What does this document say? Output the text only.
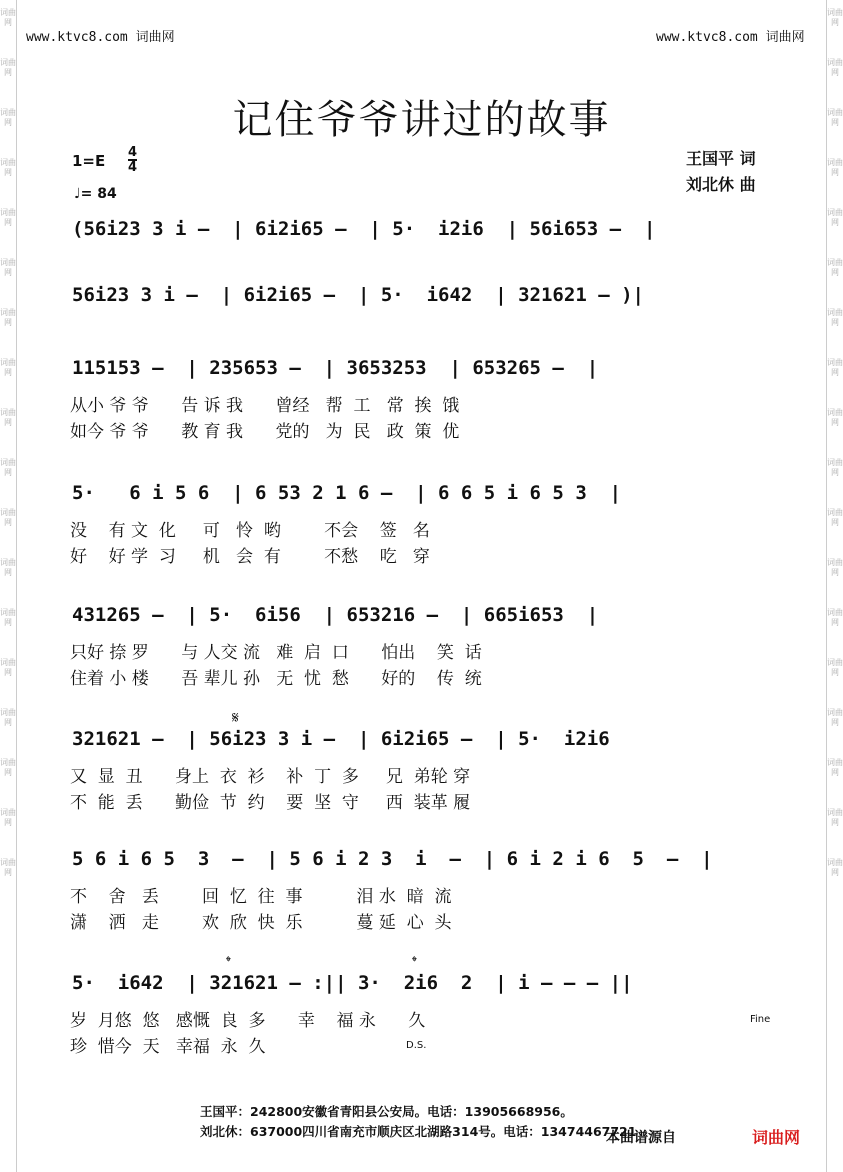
词曲网
词曲网
词曲网
词曲网
词曲网
词曲网
词曲网
词曲网
词曲网
词曲网
词曲网
词曲网
词曲网
词曲网
词曲网
词曲网
词曲网
词曲网
词曲网
词曲网
词曲网
词曲网
词曲网
词曲网
词曲网
词曲网
词曲网
词曲网
词曲网
词曲网
词曲网
词曲网
词曲网
词曲网
词曲网
词曲网
www.ktvc8.com 词曲网	www.ktvc8.com 词曲网
记住爷爷讲过的故事
1=E 4
4
♩= 84
王国平 词
刘北休 曲
(56i23 3 i –  | 6i2i65 –  | 5·  i2i6  | 56i653 –  |
56i23 3 i –  | 6i2i65 –  | 5·  i642  | 321621 – )|
115153 –  | 235653 –  | 3653253  | 653265 –  |
从小 爷 爷      告 诉 我      曾经   帮  工   常  挨  饿
如今 爷 爷      教 育 我      党的   为  民   政  策  优
5·   6 i 5 6  | 6 53 2 1 6 –  | 6 6 5 i 6 5 3  |
没    有 文  化     可   怜  哟        不会    签   名
好    好 学  习     机   会  有        不愁    吃   穿
431265 –  | 5·  6i56  | 653216 –  | 665i653  |
只好 捺 罗      与 人交 流   难  启  口      怕出    笑  话
住着 小 楼      吾 辈儿 孙   无  忧  愁      好的    传  统
321621 –  | 56i23 3 i –  | 6i2i65 –  | 5·  i2i6
又  显  丑      身上  衣  衫    补  丁  多     兄  弟轮 穿
不  能  丢      勤俭  节  约    要  坚  守     西  装革 履
5 6 i 6 5  3  –  | 5 6 i 2 3  i  –  | 6 i 2 i 6  5  –  |
不    舍   丢        回  忆  往  事          泪 水  暗  流
潇    洒   走        欢  欣  快  乐          蔓 延  心  头
5·  i642  | 321621 – :|| 3·  2i6  2  | i – – – ||
岁  月悠  悠   感慨  良  多      幸    福 永      久
珍  惜今  天   幸福  永  久
𝄋
𝄌	𝄌
Fine
D.S.
王国平：242800安徽省青阳县公安局。电话：13905668956。
刘北休：637000四川省南充市顺庆区北湖路314号。电话：13474467721
本曲谱源自	词曲网
